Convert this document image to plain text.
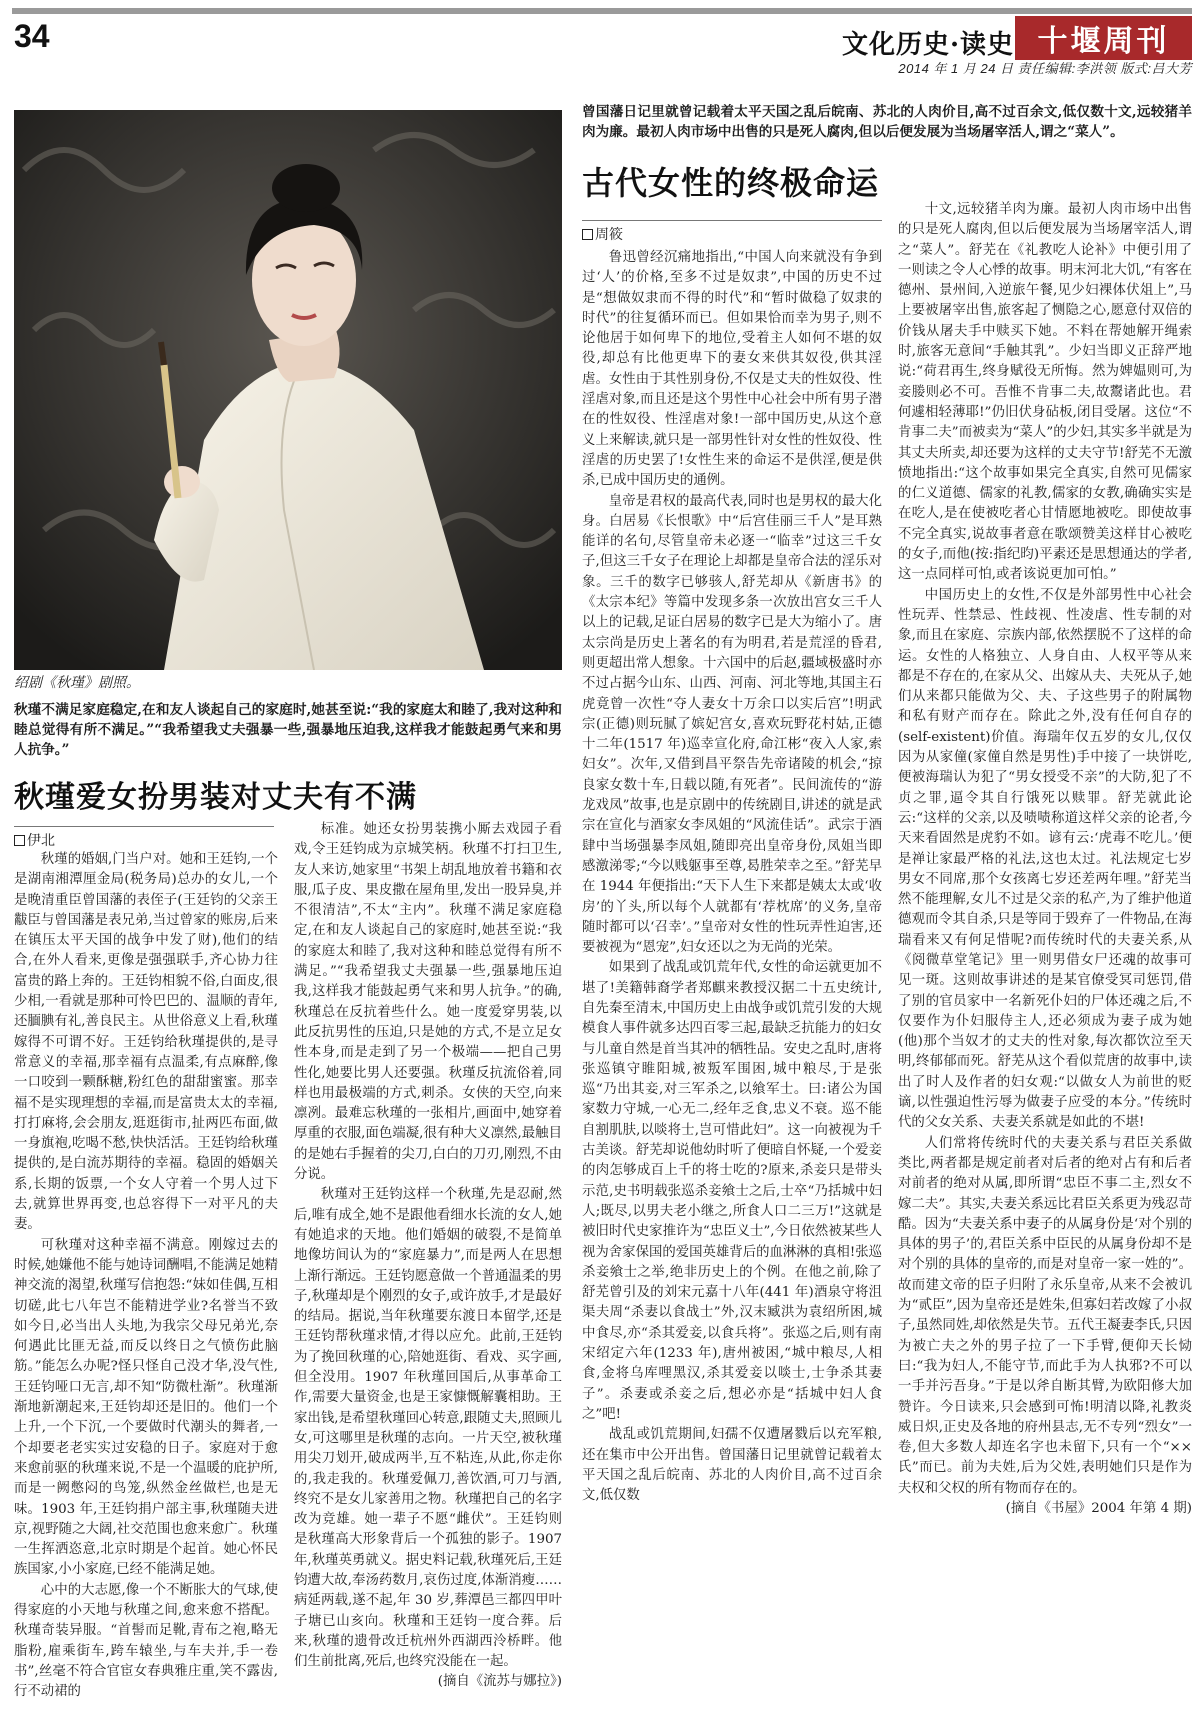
34	文化历史·读史 十堰周刊
2014 年 1 月 24 日 责任编辑:李洪领 版式:吕大芳
绍剧《秋瑾》剧照。
秋瑾不满足家庭稳定,在和友人谈起自己的家庭时,她甚至说:“我的家庭太和睦了,我对这种和睦总觉得有所不满足。”“我希望我丈夫强暴一些,强暴地压迫我,这样我才能鼓起勇气来和男人抗争。”
秋瑾爱女扮男装对丈夫有不满
伊北

秋瑾的婚姻,门当户对。她和王廷钧,一个是湖南湘潭厘金局(税务局)总办的女儿,一个是晚清重臣曾国藩的表侄子(王廷钧的父亲王黻臣与曾国藩是表兄弟,当过曾家的账房,后来在镇压太平天国的战争中发了财),他们的结合,在外人看来,更像是强强联手,齐心协力往富贵的路上奔的。王廷钧相貌不俗,白面皮,很少相,一看就是那种可怜巴巴的、温顺的青年,还腼腆有礼,善良民主。从世俗意义上看,秋瑾嫁得不可谓不好。王廷钧给秋瑾提供的,是寻常意义的幸福,那幸福有点温柔,有点麻醉,像一口咬到一颗酥糖,粉红色的甜甜蜜蜜。那幸福不是实现理想的幸福,而是富贵太太的幸福,打打麻将,会会朋友,逛逛街市,扯两匹布面,做一身旗袍,吃喝不愁,快快活活。王廷钧给秋瑾提供的,是白流苏期待的幸福。稳固的婚姻关系,长期的饭票,一个女人守着一个男人过下去,就算世界再变,也总容得下一对平凡的夫妻。

可秋瑾对这种幸福不满意。刚嫁过去的时候,她嫌他不能与她诗词酬唱,不能满足她精神交流的渴望,秋瑾写信抱怨:“妹如佳偶,互相切磋,此七八年岂不能精进学业?名誉当不致如今日,必当出人头地,为我宗父母兄弟光,奈何遇此比匪无益,而反以终日之气愤伤此脑筋。”能怎么办呢?怪只怪自己没才华,没气性,王廷钧哑口无言,却不知“防微杜渐”。秋瑾渐渐地新潮起来,王廷钧却还是旧的。他们一个上升,一个下沉,一个要做时代潮头的舞者,一个却要老老实实过安稳的日子。家庭对于愈来愈前驱的秋瑾来说,不是一个温暖的庇护所,而是一阙憋闷的鸟笼,纵然金丝做栏,也是无味。1903 年,王廷钧捐户部主事,秋瑾随夫进京,视野随之大阔,社交范围也愈来愈广。秋瑾一生挥洒恣意,北京时期是个起首。她心怀民族国家,小小家庭,已经不能满足她。

心中的大志愿,像一个不断胀大的气球,使得家庭的小天地与秋瑾之间,愈来愈不搭配。秋瑾奇装异服。“首髻而足靴,青布之袍,略无脂粉,雇乘街车,跨车辕坐,与车夫并,手一卷书”,丝毫不符合官宦女春典雅庄重,笑不露齿,行不动裙的

标准。她还女扮男装携小厮去戏园子看戏,令王廷钧成为京城笑柄。秋瑾不打扫卫生,友人来访,她家里“书架上胡乱地放着书籍和衣服,瓜子皮、果皮撒在屋角里,发出一股异臭,并不很清洁”,不太“主内”。秋瑾不满足家庭稳定,在和友人谈起自己的家庭时,她甚至说:“我的家庭太和睦了,我对这种和睦总觉得有所不满足。”“我希望我丈夫强暴一些,强暴地压迫我,这样我才能鼓起勇气来和男人抗争。”的确,秋瑾总在反抗着些什么。她一度爱穿男装,以此反抗男性的压迫,只是她的方式,不是立足女性本身,而是走到了另一个极端——把自己男性化,她要比男人还要强。秋瑾反抗流俗着,同样也用最极端的方式,刺杀。女侠的天空,向来凛冽。最难忘秋瑾的一张相片,画面中,她穿着厚重的衣服,面色端凝,很有种大义凛然,最触目的是她右手握着的尖刀,白白的刀刃,刚烈,不由分说。

秋瑾对王廷钧这样一个秋瑾,先是忍耐,然后,唯有成全,她不是跟他看细水长流的女人,她有她追求的天地。他们婚姻的破裂,不是简单地像坊间认为的“家庭暴力”,而是两人在思想上渐行渐远。王廷钧愿意做一个普通温柔的男子,秋瑾却是个刚烈的女子,或许放手,才是最好的结局。据说,当年秋瑾要东渡日本留学,还是王廷钧帮秋瑾求情,才得以应允。此前,王廷钧为了挽回秋瑾的心,陪她逛街、看戏、买字画,但全没用。1907 年秋瑾回国后,从事革命工作,需要大量资金,也是王家慷慨解囊相助。王家出钱,是希望秋瑾回心转意,跟随丈夫,照顾儿女,可这哪里是秋瑾的志向。一片天空,被秋瑾用尖刀划开,破成两半,互不粘连,从此,你走你的,我走我的。秋瑾爱佩刀,善饮酒,可刀与酒,终究不是女儿家善用之物。秋瑾把自己的名字改为竞雄。她一辈子不愿“雌伏”。王廷钧则是秋瑾高大形象背后一个孤独的影子。1907 年,秋瑾英勇就义。据史料记载,秋瑾死后,王廷钧遭大故,奉汤药数月,哀伤过度,体渐消瘦……病延两载,遂不起,年 30 岁,葬潭邑三都四甲叶子塘已山亥向。秋瑾和王廷钧一度合葬。后来,秋瑾的遗骨改迁杭州外西湖西泠桥畔。他们生前批离,死后,也终究没能在一起。

(摘自《流苏与娜拉》)

曾国藩日记里就曾记载着太平天国之乱后皖南、苏北的人肉价目,高不过百余文,低仅数十文,远较猪羊肉为廉。最初人肉市场中出售的只是死人腐肉,但以后便发展为当场屠宰活人,谓之“菜人”。
古代女性的终极命运
周筱

鲁迅曾经沉痛地指出,“中国人向来就没有争到过‘人’的价格,至多不过是奴隶”,中国的历史不过是“想做奴隶而不得的时代”和“暂时做稳了奴隶的时代”的往复循环而已。但如果恰而幸为男子,则不论他居于如何卑下的地位,受着主人如何不堪的奴役,却总有比他更卑下的妻女来供其奴役,供其淫虐。女性由于其性别身份,不仅是丈夫的性奴役、性淫虐对象,而且还是这个男性中心社会中所有男子潜在的性奴役、性淫虐对象!一部中国历史,从这个意义上来解读,就只是一部男性针对女性的性奴役、性淫虐的历史罢了!女性生来的命运不是供淫,便是供杀,已成中国历史的通例。

皇帝是君权的最高代表,同时也是男权的最大化身。白居易《长恨歌》中“后宫佳丽三千人”是耳熟能详的名句,尽管皇帝未必逐一“临幸”过这三千女子,但这三千女子在理论上却都是皇帝合法的淫乐对象。三千的数字已够骇人,舒芜却从《新唐书》的《太宗本纪》等篇中发现多条一次放出宫女三千人以上的记载,足证白居易的数字已是大为缩小了。唐太宗尚是历史上著名的有为明君,若是荒淫的昏君,则更超出常人想象。十六国中的后赵,疆域极盛时亦不过占据今山东、山西、河南、河北等地,其国主石虎竟曾一次性“夺人妻女十万余口以实后宫”!明武宗(正德)则玩腻了嫔妃宫女,喜欢玩野花村姑,正德十二年(1517 年)巡幸宣化府,命江彬“夜入人家,索妇女”。次年,又借到昌平祭告先帝诸陵的机会,“掠良家女数十车,日载以随,有死者”。民间流传的“游龙戏凤”故事,也是京剧中的传统剧目,讲述的就是武宗在宣化与酒家女李凤姐的“风流佳话”。武宗于酒肆中当场强暴李凤姐,随即亮出皇帝身份,凤姐当即感激涕零;“今以贱躯事至尊,曷胜荣幸之至。”舒芜早在 1944 年便指出:“天下人生下来都是姨太太或‘收房’的丫头,所以每个人就都有‘荐枕席’的义务,皇帝随时都可以‘召幸’。”皇帝对女性的性玩弄性迫害,还要被视为“恩宠”,妇女还以之为无尚的光荣。

如果到了战乱或饥荒年代,女性的命运就更加不堪了!美籍韩裔学者郑麒来教授汉据二十五史统计,自先秦至清末,中国历史上由战争或饥荒引发的大规模食人事件就多达四百零三起,最缺乏抗能力的妇女与儿童自然是首当其冲的牺牲品。安史之乱时,唐将张巡镇守睢阳城,被叛军围困,城中粮尽,于是张巡“乃出其妾,对三军杀之,以飨军士。曰:诸公为国家数力守城,一心无二,经年乏食,忠义不衰。巡不能自割肌肤,以啖将士,岂可惜此妇”。这一向被视为千古美谈。舒芜却说他幼时听了便暗自怀疑,一个爱妾的肉怎够成百上千的将士吃的?原来,杀妾只是带头示范,史书明载张巡杀妾飨士之后,士卒“乃括城中妇人;既尽,以男夫老小继之,所食人口二三万!”这就是被旧时代史家推许为“忠臣义士”,今日依然被某些人视为舍家保国的爱国英雄背后的血淋淋的真相!张巡杀妾飨士之举,绝非历史上的个例。在他之前,除了舒芜曾引及的刘宋元嘉十八年(441 年)酒泉守将沮渠夫周“杀妻以食战士”外,汉末臧洪为袁绍所困,城中食尽,亦“杀其爱妾,以食兵将”。张巡之后,则有南宋绍定六年(1233 年),唐州被困,“城中粮尽,人相食,金将乌库哩黑汉,杀其爱妾以啖士,士争杀其妻子”。杀妻或杀妾之后,想必亦是“括城中妇人食之”吧!

战乱或饥荒期间,妇孺不仅遭屠戮后以充军粮,还在集市中公开出售。曾国藩日记里就曾记载着太平天国之乱后皖南、苏北的人肉价目,高不过百余文,低仅数

十文,远较猪羊肉为廉。最初人肉市场中出售的只是死人腐肉,但以后便发展为当场屠宰活人,谓之“菜人”。舒芜在《礼教吃人论补》中便引用了一则读之令人心悸的故事。明末河北大饥,“有客在德州、景州间,入逆旅午餐,见少妇裸体伏俎上”,马上要被屠宰出售,旅客起了恻隐之心,愿意付双倍的价钱从屠夫手中赎买下她。不料在帮她解开绳索时,旅客无意间“手触其乳”。少妇当即义正辞严地说:“荷君再生,终身赋役无所悔。然为婢媪则可,为妾媵则必不可。吾惟不肯事二夫,故鬻诸此也。君何遽相轻薄耶!”仍旧伏身砧板,闭目受屠。这位“不肯事二夫”而被卖为“菜人”的少妇,其实多半就是为其丈夫所卖,却还要为这样的丈夫守节!舒芜不无激愤地指出:“这个故事如果完全真实,自然可见儒家的仁义道德、儒家的礼教,儒家的女教,确确实实是在吃人,是在使被吃者心甘情愿地被吃。即使故事不完全真实,说故事者意在歌颂赞美这样甘心被吃的女子,而他(按:指纪昀)平素还是思想通达的学者,这一点同样可怕,或者该说更加可怕。”

中国历史上的女性,不仅是外部男性中心社会性玩弄、性禁忌、性歧视、性凌虐、性专制的对象,而且在家庭、宗族内部,依然摆脱不了这样的命运。女性的人格独立、人身自由、人权平等从来都是不存在的,在家从父、出嫁从夫、夫死从子,她们从来都只能做为父、夫、子这些男子的附属物和私有财产而存在。除此之外,没有任何自存的(self-existent)价值。海瑞年仅五岁的女儿,仅仅因为从家僮(家僮自然是男性)手中接了一块饼吃,便被海瑞认为犯了“男女授受不亲”的大防,犯了不贞之罪,逼令其自行饿死以赎罪。舒芜就此论云:“这样的父亲,以及啧啧称道这样父亲的论者,今天来看固然是虎豹不如。谚有云:‘虎毒不吃儿。’便是禅让家最严格的礼法,这也太过。礼法规定七岁男女不同席,那个女孩离七岁还差两年哩。”舒芜当然不能理解,女儿不过是父亲的私产,为了维护他道德观而令其自杀,只是等同于毁弃了一件物品,在海瑞看来又有何足惜呢?而传统时代的夫妻关系,从《阅微草堂笔记》里一则男借女尸还魂的故事可见一斑。这则故事讲述的是某官僚受冥司惩罚,借了别的官员家中一名新死仆妇的尸体还魂之后,不仅要作为仆妇服侍主人,还必须成为妻子成为她(他)那个当奴才的丈夫的性对象,每次都饮泣至天明,终郁郁而死。舒芜从这个看似荒唐的故事中,读出了时人及作者的妇女观:“以做女人为前世的贬谪,以性强迫性污辱为做妻子应受的本分。”传统时代的父女关系、夫妻关系就是如此的不堪!

人们常将传统时代的夫妻关系与君臣关系做类比,两者都是规定前者对后者的绝对占有和后者对前者的绝对从属,即所谓“忠臣不事二主,烈女不嫁二夫”。其实,夫妻关系远比君臣关系更为残忍苛酷。因为“夫妻关系中妻子的从属身份是‘对个别的具体的男子’的,君臣关系中臣民的从属身份却不是对个别的具体的皇帝的,而是对皇帝一家一姓的”。故而建文帝的臣子归附了永乐皇帝,从来不会被讥为“贰臣”,因为皇帝还是姓朱,但寡妇若改嫁了小叔子,虽然同姓,却依然是失节。五代王凝妻李氏,只因为被亡夫之外的男子拉了一下手臂,便仰天长恸曰:“我为妇人,不能守节,而此手为人执邪?不可以一手并污吾身。”于是以斧自断其臂,为欧阳修大加赞许。今日读来,只会感到可怖!明清以降,礼教炎威日炽,正史及各地的府州县志,无不专列“烈女”一卷,但大多数人却连名字也未留下,只有一个“××氏”而已。前为夫姓,后为父姓,表明她们只是作为夫权和父权的所有物而存在的。

(摘自《书屋》2004 年第 4 期)
